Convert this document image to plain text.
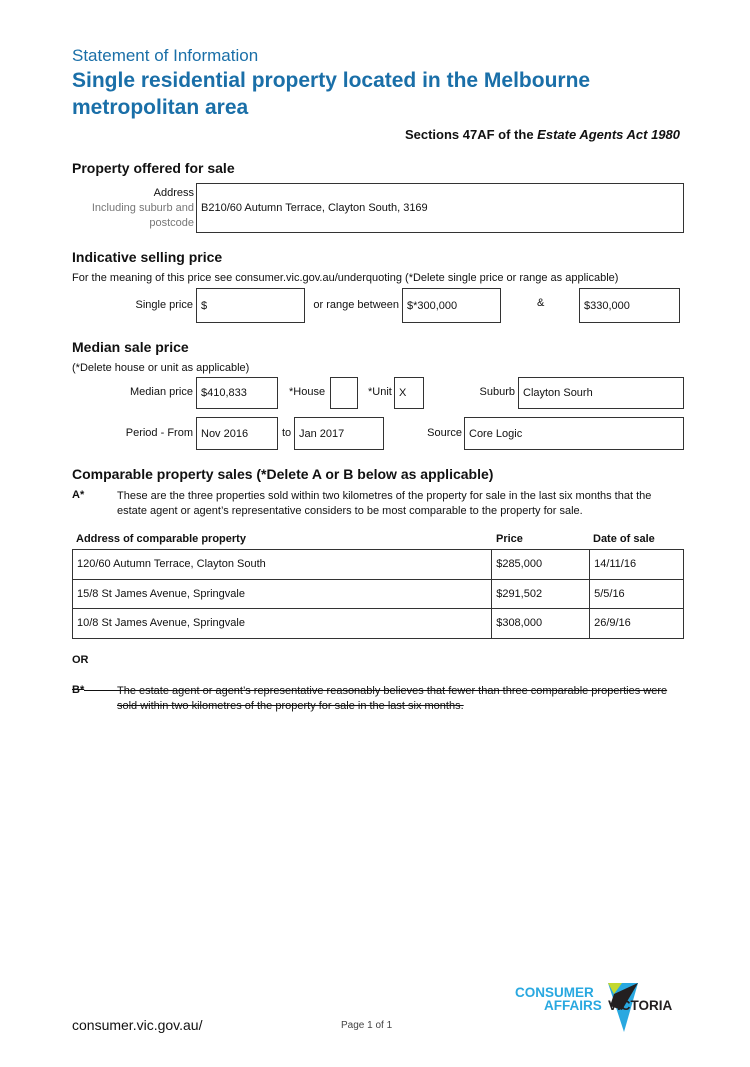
Statement of Information
Single residential property located in the Melbourne metropolitan area
Sections 47AF of the Estate Agents Act 1980
Property offered for sale
Address
Including suburb and
postcode
B210/60 Autumn Terrace, Clayton South, 3169
Indicative selling price
For the meaning of this price see consumer.vic.gov.au/underquoting (*Delete single price or range as applicable)
Single price $	or range between $*300,000	&	$330,000
Median sale price
(*Delete house or unit as applicable)
Median price $410,833	*House	*Unit X	Suburb Clayton Sourh
Period - From Nov 2016	to Jan 2017	Source Core Logic
Comparable property sales (*Delete A or B below as applicable)
A*	These are the three properties sold within two kilometres of the property for sale in the last six months that the estate agent or agent’s representative considers to be most comparable to the property for sale.
Address of comparable property	Price	Date of sale
120/60 Autumn Terrace, Clayton South	$285,000	14/11/16
15/8 St James Avenue, Springvale	$291,502	5/5/16
10/8 St James Avenue, Springvale	$308,000	26/9/16
OR
B*	The estate agent or agent’s representative reasonably believes that fewer than three comparable properties were sold within two kilometres of the property for sale in the last six months.
consumer.vic.gov.au/	Page 1 of 1
CONSUMER
AFFAIRS VICTORIA
